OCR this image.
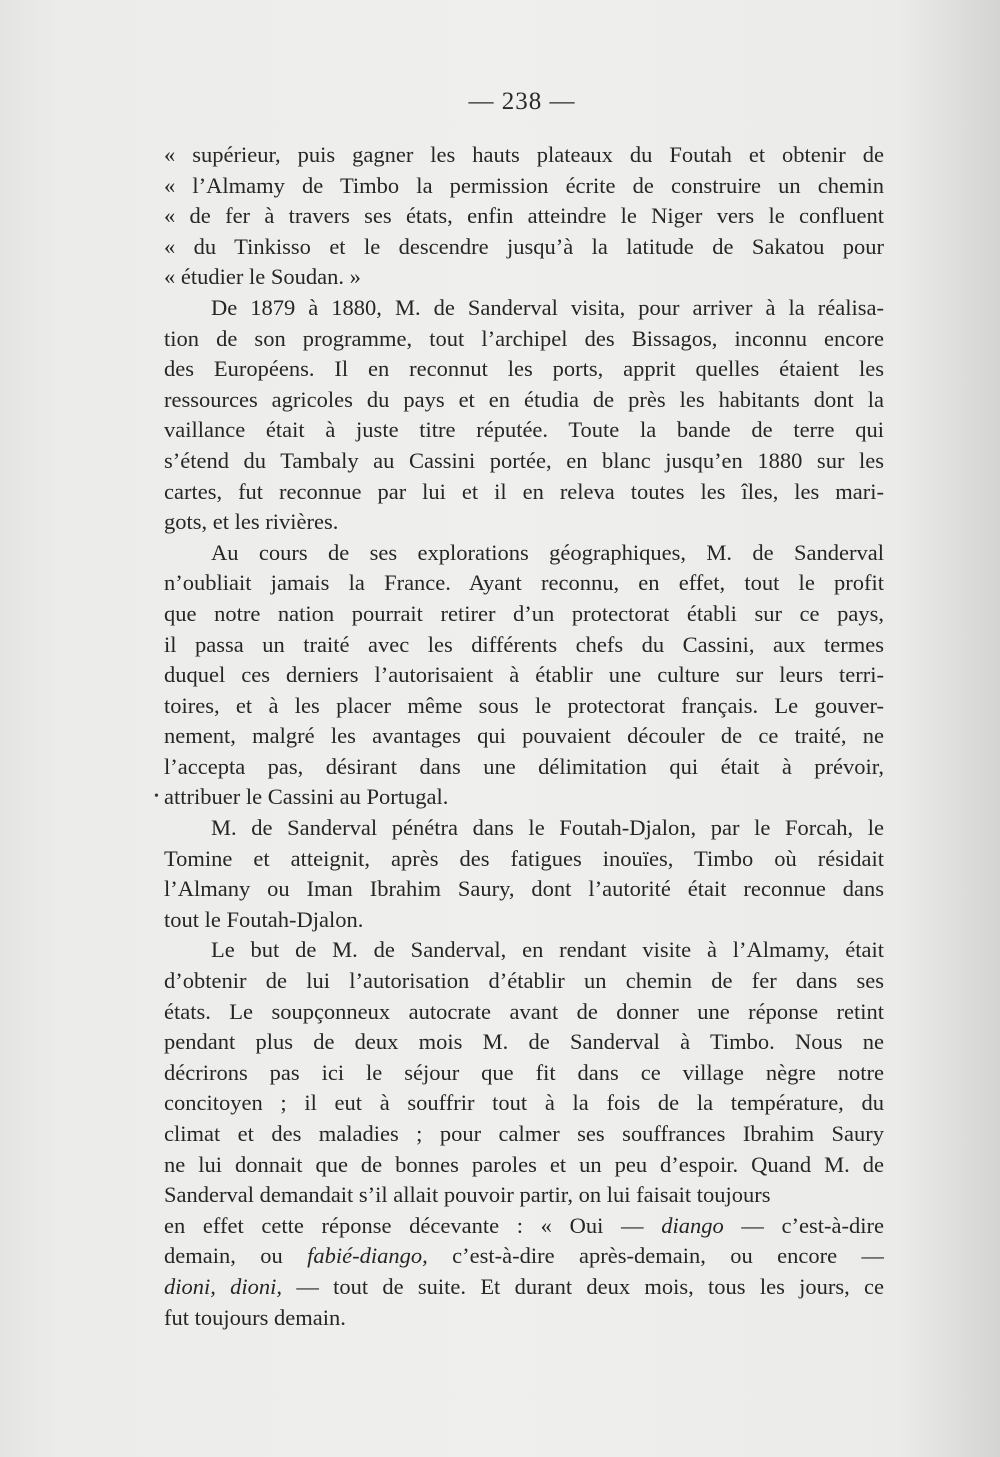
— 238 —
« supérieur, puis gagner les hauts plateaux du Foutah et obtenir de
« l’Almamy de Timbo la permission écrite de construire un chemin
« de fer à travers ses états, enfin atteindre le Niger vers le confluent
« du Tinkisso et le descendre jusqu’à la latitude de Sakatou pour
« étudier le Soudan. »
De 1879 à 1880, M. de Sanderval visita, pour arriver à la réalisa-
tion de son programme, tout l’archipel des Bissagos, inconnu encore
des Européens. Il en reconnut les ports, apprit quelles étaient les
ressources agricoles du pays et en étudia de près les habitants dont la
vaillance était à juste titre réputée. Toute la bande de terre qui
s’étend du Tambaly au Cassini portée, en blanc jusqu’en 1880 sur les
cartes, fut reconnue par lui et il en releva toutes les îles, les mari-
gots, et les rivières.
Au cours de ses explorations géographiques, M. de Sanderval
n’oubliait jamais la France. Ayant reconnu, en effet, tout le profit
que notre nation pourrait retirer d’un protectorat établi sur ce pays,
il passa un traité avec les différents chefs du Cassini, aux termes
duquel ces derniers l’autorisaient à établir une culture sur leurs terri-
toires, et à les placer même sous le protectorat français. Le gouver-
nement, malgré les avantages qui pouvaient découler de ce traité, ne
l’accepta pas, désirant dans une délimitation qui était à prévoir,
• attribuer le Cassini au Portugal.
M. de Sanderval pénétra dans le Foutah-Djalon, par le Forcah, le
Tomine et atteignit, après des fatigues inouïes, Timbo où résidait
l’Almany ou Iman Ibrahim Saury, dont l’autorité était reconnue dans
tout le Foutah-Djalon.
Le but de M. de Sanderval, en rendant visite à l’Almamy, était
d’obtenir de lui l’autorisation d’établir un chemin de fer dans ses
états. Le soupçonneux autocrate avant de donner une réponse retint
pendant plus de deux mois M. de Sanderval à Timbo. Nous ne
décrirons pas ici le séjour que fit dans ce village nègre notre
concitoyen ; il eut à souffrir tout à la fois de la température, du
climat et des maladies ; pour calmer ses souffrances Ibrahim Saury
ne lui donnait que de bonnes paroles et un peu d’espoir. Quand M. de
Sanderval demandait s’il allait pouvoir partir, on lui faisait toujours
en effet cette réponse décevante : « Oui — diango — c’est-à-dire
demain, ou fabié-diango, c’est-à-dire après-demain, ou encore —
dioni, dioni, — tout de suite. Et durant deux mois, tous les jours, ce
fut toujours demain.
